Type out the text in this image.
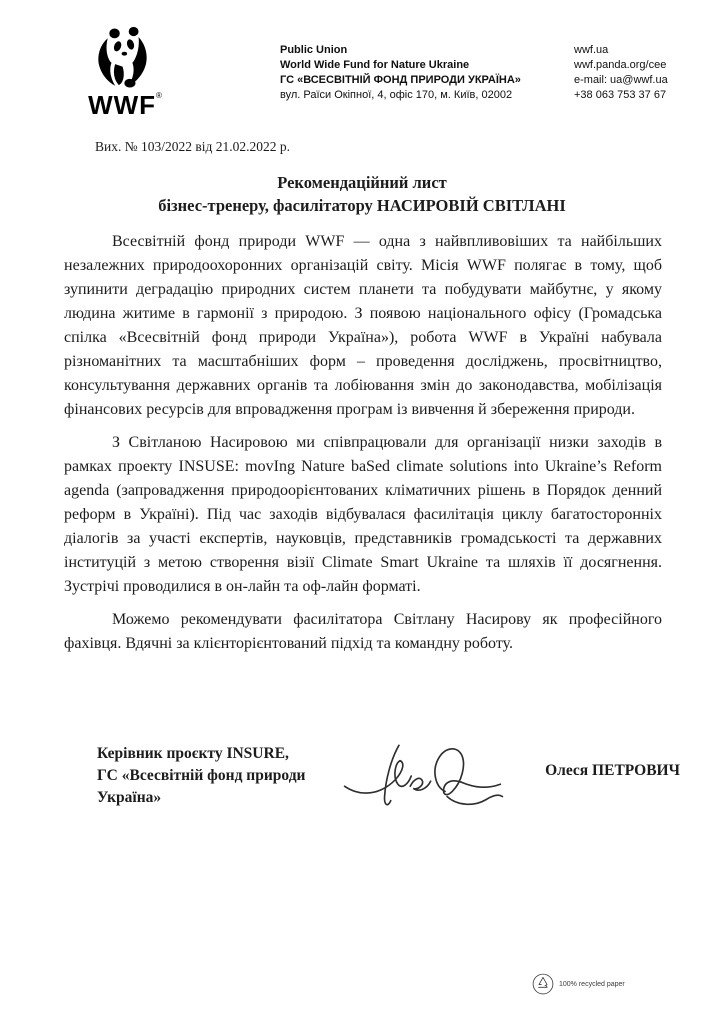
WWF®
Public Union
World Wide Fund for Nature Ukraine
ГС «ВСЕСВІТНІЙ ФОНД ПРИРОДИ УКРАЇНА»
вул. Раїси Окіпної, 4, офіс 170, м. Київ, 02002
wwf.ua
wwf.panda.org/cee
e-mail: ua@wwf.ua
+38 063 753 37 67
Вих. № 103/2022 від 21.02.2022 р.
Рекомендаційний лист
бізнес-тренеру, фасилітатору НАСИРОВІЙ СВІТЛАНІ

Всесвітній фонд природи WWF — одна з найвпливовіших та найбільших незалежних природоохоронних організацій світу. Місія WWF полягає в тому, щоб зупинити деградацію природних систем планети та побудувати майбутнє, у якому людина житиме в гармонії з природою. З появою національного офісу (Громадська спілка «Всесвітній фонд природи Україна»), робота WWF в Україні набувала різноманітних та масштабніших форм – проведення досліджень, просвітництво, консультування державних органів та лобіювання змін до законодавства, мобілізація фінансових ресурсів для впровадження програм із вивчення й збереження природи.

З Світланою Насировою ми співпрацювали для організації низки заходів в рамках проекту INSUSE: movIng Nature baSed climate solutions into Ukraine’s Reform agenda (запровадження природоорієнтованих кліматичних рішень в Порядок денний реформ в Україні). Під час заходів відбувалася фасилітація циклу багатосторонніх діалогів за участі експертів, науковців, представників громадськості та державних інституцій з метою створення візії Climate Smart Ukraine та шляхів її досягнення. Зустрічі проводилися в он-лайн та оф-лайн форматі.

Можемо рекомендувати фасилітатора Світлану Насирову як професійного фахівця. Вдячні за клієнторієнтований підхід та командну роботу.

Керівник проєкту INSURE,
ГС «Всесвітній фонд природи
Україна»
Олеся ПЕТРОВИЧ
100% recycled paper
